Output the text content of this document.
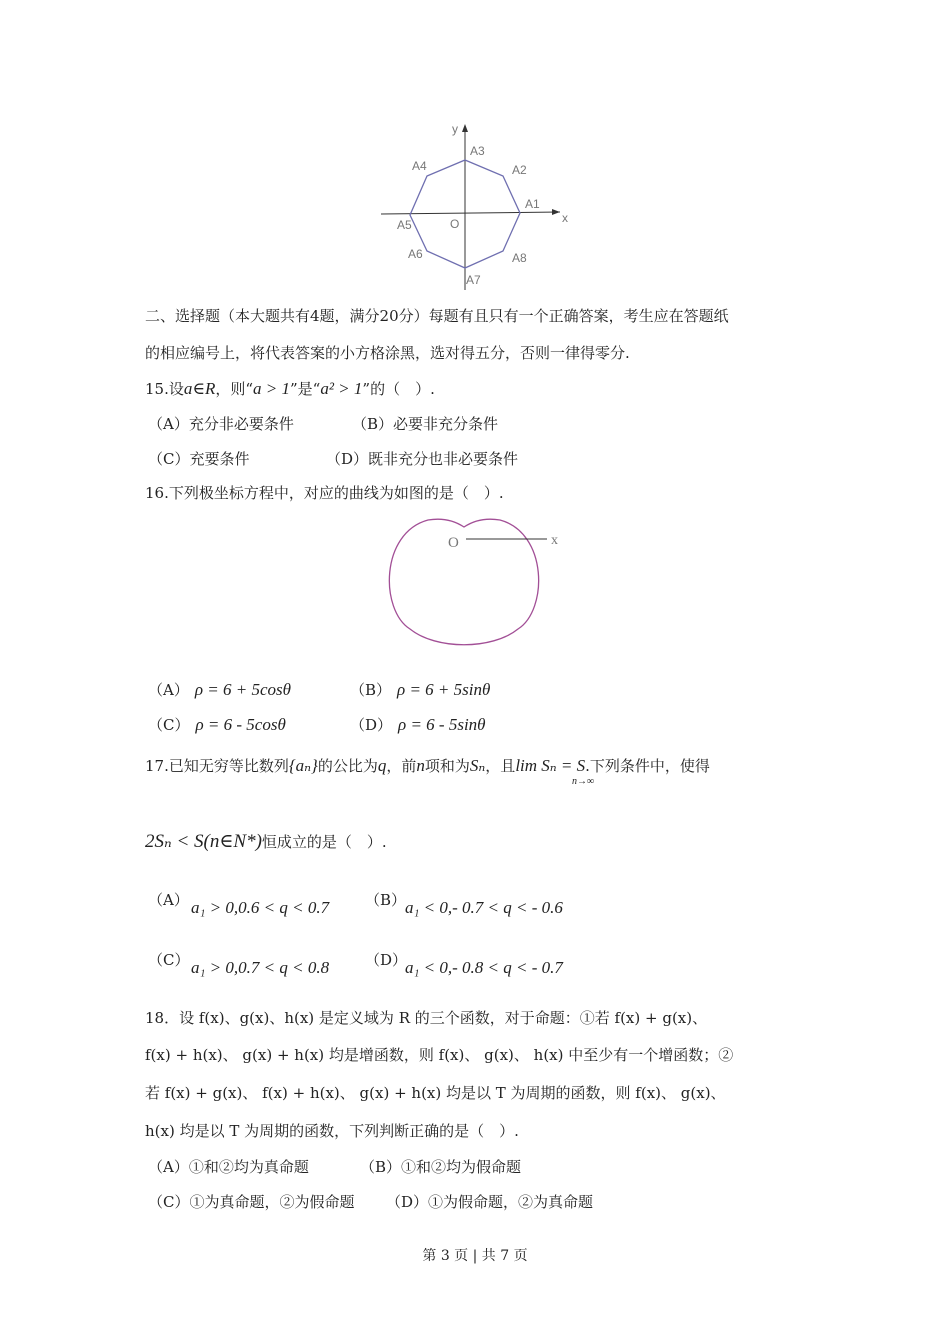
y
x
O
A1
A2
A3
A4
A5
A6
A7
A8
二、选择题（本大题共有4题，满分20分）每题有且只有一个正确答案，考生应在答题纸
的相应编号上，将代表答案的小方格涂黑，选对得五分，否则一律得零分.
15.设a∈R，则“a > 1”是“a² > 1”的（　）.
（A）充分非必要条件	（B）必要非充分条件
（C）充要条件	（D）既非充分也非必要条件
16.下列极坐标方程中，对应的曲线为如图的是（　）.
O	x
（A） ρ = 6 + 5cosθ	（B） ρ = 6 + 5sinθ
（C） ρ = 6 - 5cosθ	（D） ρ = 6 - 5sinθ
17.已知无穷等比数列{aₙ}的公比为q，前n项和为Sₙ，且lim Sₙ = S.下列条件中，使得
n→∞
2Sₙ < S(n∈N*)恒成立的是（　）.
（A） a₁ > 0,0.6 < q < 0.7 （B）
a₁ < 0,- 0.7 < q < - 0.6
（C） a₁ > 0,0.7 < q < 0.8 （D）
a₁ < 0,- 0.8 < q < - 0.7
18．设 f(x)、g(x)、h(x) 是定义域为 R 的三个函数，对于命题：①若 f(x) + g(x)、
f(x) + h(x)、 g(x) + h(x) 均是增函数，则 f(x)、 g(x)、 h(x) 中至少有一个增函数；②
若 f(x) + g(x)、 f(x) + h(x)、 g(x) + h(x) 均是以 T 为周期的函数，则 f(x)、 g(x)、
h(x) 均是以 T 为周期的函数，下列判断正确的是（　）.
（A）①和②均为真命题	（B）①和②均为假命题
（C）①为真命题，②为假命题 （D）①为假命题，②为真命题
第 3 页 | 共 7 页
